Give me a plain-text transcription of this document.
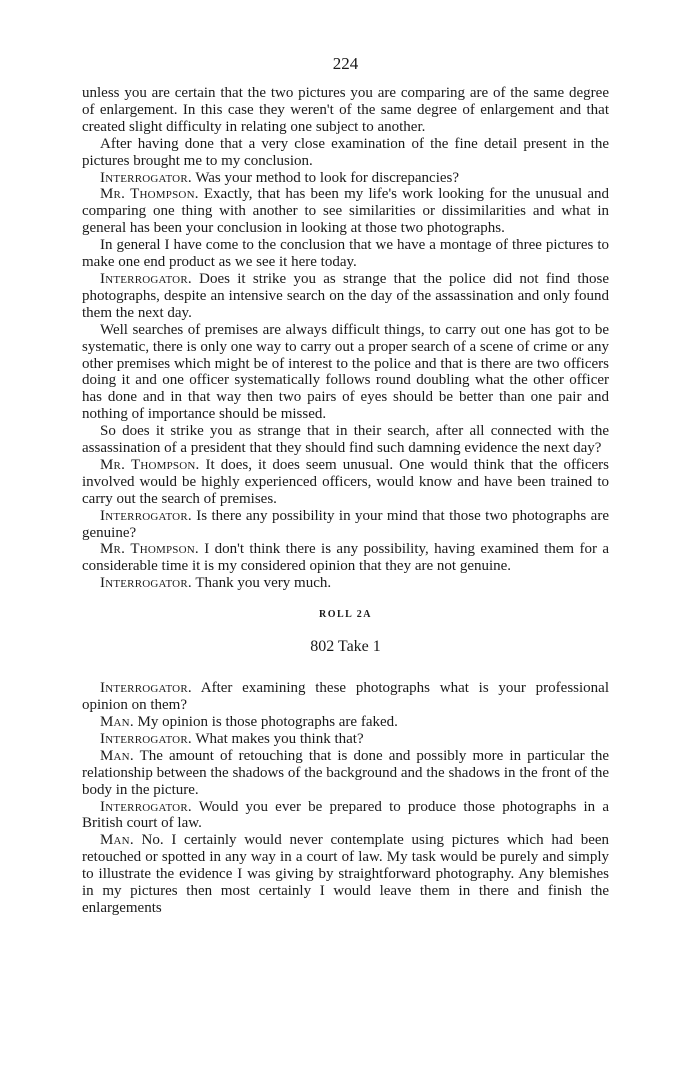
224

unless you are certain that the two pictures you are comparing are of the same degree of enlargement. In this case they weren't of the same degree of enlargement and that created slight difficulty in relating one subject to another.

After having done that a very close examination of the fine detail present in the pictures brought me to my conclusion.

Interrogator. Was your method to look for discrepancies?

Mr. Thompson. Exactly, that has been my life's work looking for the unusual and comparing one thing with another to see similarities or dissimilarities and what in general has been your conclusion in looking at those two photographs.

In general I have come to the conclusion that we have a montage of three pictures to make one end product as we see it here today.

Interrogator. Does it strike you as strange that the police did not find those photographs, despite an intensive search on the day of the assassination and only found them the next day.

Well searches of premises are always difficult things, to carry out one has got to be systematic, there is only one way to carry out a proper search of a scene of crime or any other premises which might be of interest to the police and that is there are two officers doing it and one officer systematically follows round doubling what the other officer has done and in that way then two pairs of eyes should be better than one pair and nothing of importance should be missed.

So does it strike you as strange that in their search, after all connected with the assassination of a president that they should find such damning evidence the next day?

Mr. Thompson. It does, it does seem unusual. One would think that the officers involved would be highly experienced officers, would know and have been trained to carry out the search of premises.

Interrogator. Is there any possibility in your mind that those two photographs are genuine?

Mr. Thompson. I don't think there is any possibility, having examined them for a considerable time it is my considered opinion that they are not genuine.

Interrogator. Thank you very much.

ROLL 2A
802 Take 1

Interrogator. After examining these photographs what is your professional opinion on them?

Man. My opinion is those photographs are faked.

Interrogator. What makes you think that?

Man. The amount of retouching that is done and possibly more in particular the relationship between the shadows of the background and the shadows in the front of the body in the picture.

Interrogator. Would you ever be prepared to produce those photographs in a British court of law.

Man. No. I certainly would never contemplate using pictures which had been retouched or spotted in any way in a court of law. My task would be purely and simply to illustrate the evidence I was giving by straightforward photography. Any blemishes in my pictures then most certainly I would leave them in there and finish the enlargements
